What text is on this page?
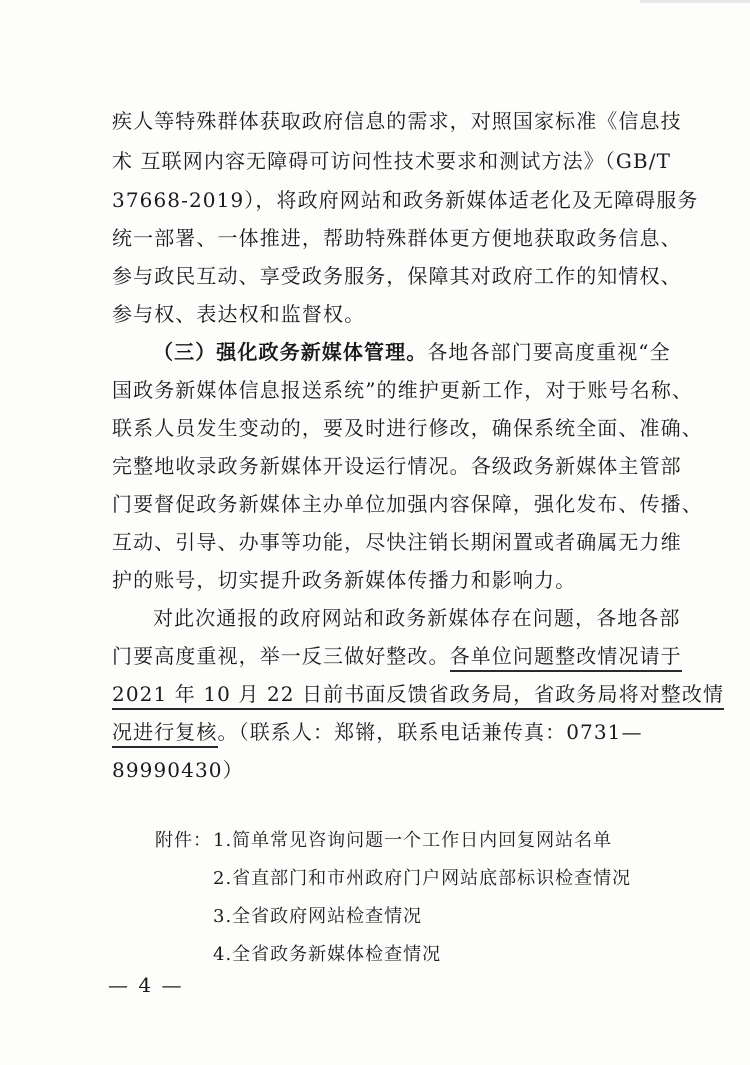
疾人等特殊群体获取政府信息的需求，对照国家标准《信息技
术 互联网内容无障碍可访问性技术要求和测试方法》（GB/T
37668-2019），将政府网站和政务新媒体适老化及无障碍服务
统一部署、一体推进，帮助特殊群体更方便地获取政务信息、
参与政民互动、享受政务服务，保障其对政府工作的知情权、
参与权、表达权和监督权。
（三）强化政务新媒体管理。各地各部门要高度重视“全
国政务新媒体信息报送系统”的维护更新工作，对于账号名称、
联系人员发生变动的，要及时进行修改，确保系统全面、准确、
完整地收录政务新媒体开设运行情况。各级政务新媒体主管部
门要督促政务新媒体主办单位加强内容保障，强化发布、传播、
互动、引导、办事等功能，尽快注销长期闲置或者确属无力维
护的账号，切实提升政务新媒体传播力和影响力。
对此次通报的政府网站和政务新媒体存在问题，各地各部
门要高度重视，举一反三做好整改。各单位问题整改情况请于
2021 年 10 月 22 日前书面反馈省政务局，省政务局将对整改情
况进行复核。（联系人：郑锵，联系电话兼传真：0731—
89990430）
附件： 1.简单常见咨询问题一个工作日内回复网站名单
2.省直部门和市州政府门户网站底部标识检查情况
3.全省政府网站检查情况
4.全省政务新媒体检查情况
— 4 —
